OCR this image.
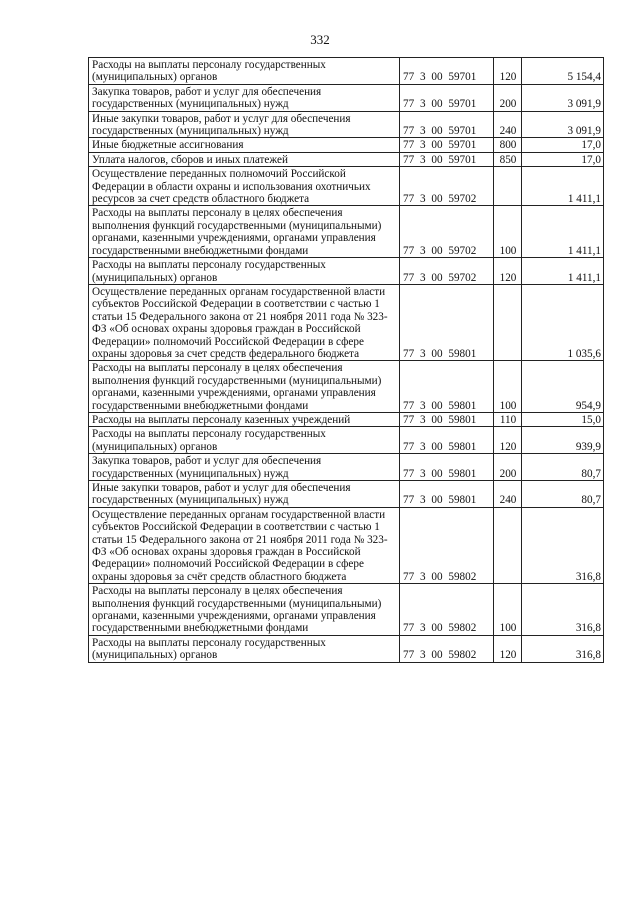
332
Расходы на выплаты персоналу государственных (муниципальных) органов	77 3 00 59701	120	5 154,4
Закупка товаров, работ и услуг для обеспечения государственных (муниципальных) нужд	77 3 00 59701	200	3 091,9
Иные закупки товаров, работ и услуг для обеспечения государственных (муниципальных) нужд	77 3 00 59701	240	3 091,9
Иные бюджетные ассигнования	77 3 00 59701	800	17,0
Уплата налогов, сборов и иных платежей	77 3 00 59701	850	17,0
Осуществление переданных полномочий Российской Федерации в области охраны и использования охотничьих ресурсов за счет средств областного бюджета	77 3 00 59702		1 411,1
Расходы на выплаты персоналу в целях обеспечения выполнения функций государственными (муниципальными) органами, казенными учреждениями, органами управления государственными внебюджетными фондами	77 3 00 59702	100	1 411,1
Расходы на выплаты персоналу государственных (муниципальных) органов	77 3 00 59702	120	1 411,1
Осуществление переданных органам государственной власти субъектов Российской Федерации в соответствии с частью 1 статьи 15 Федерального закона от 21 ноября 2011 года № 323-ФЗ «Об основах охраны здоровья граждан в Российской Федерации» полномочий Российской Федерации в сфере охраны здоровья за счет средств федерального бюджета	77 3 00 59801		1 035,6
Расходы на выплаты персоналу в целях обеспечения выполнения функций государственными (муниципальными) органами, казенными учреждениями, органами управления государственными внебюджетными фондами	77 3 00 59801	100	954,9
Расходы на выплаты персоналу казенных учреждений	77 3 00 59801	110	15,0
Расходы на выплаты персоналу государственных (муниципальных) органов	77 3 00 59801	120	939,9
Закупка товаров, работ и услуг для обеспечения государственных (муниципальных) нужд	77 3 00 59801	200	80,7
Иные закупки товаров, работ и услуг для обеспечения государственных (муниципальных) нужд	77 3 00 59801	240	80,7
Осуществление переданных органам государственной власти субъектов Российской Федерации в соответствии с частью 1 статьи 15 Федерального закона от 21 ноября 2011 года № 323-ФЗ «Об основах охраны здоровья граждан в Российской Федерации» полномочий Российской Федерации в сфере охраны здоровья за счёт средств областного бюджета	77 3 00 59802		316,8
Расходы на выплаты персоналу в целях обеспечения выполнения функций государственными (муниципальными) органами, казенными учреждениями, органами управления государственными внебюджетными фондами	77 3 00 59802	100	316,8
Расходы на выплаты персоналу государственных (муниципальных) органов	77 3 00 59802	120	316,8
